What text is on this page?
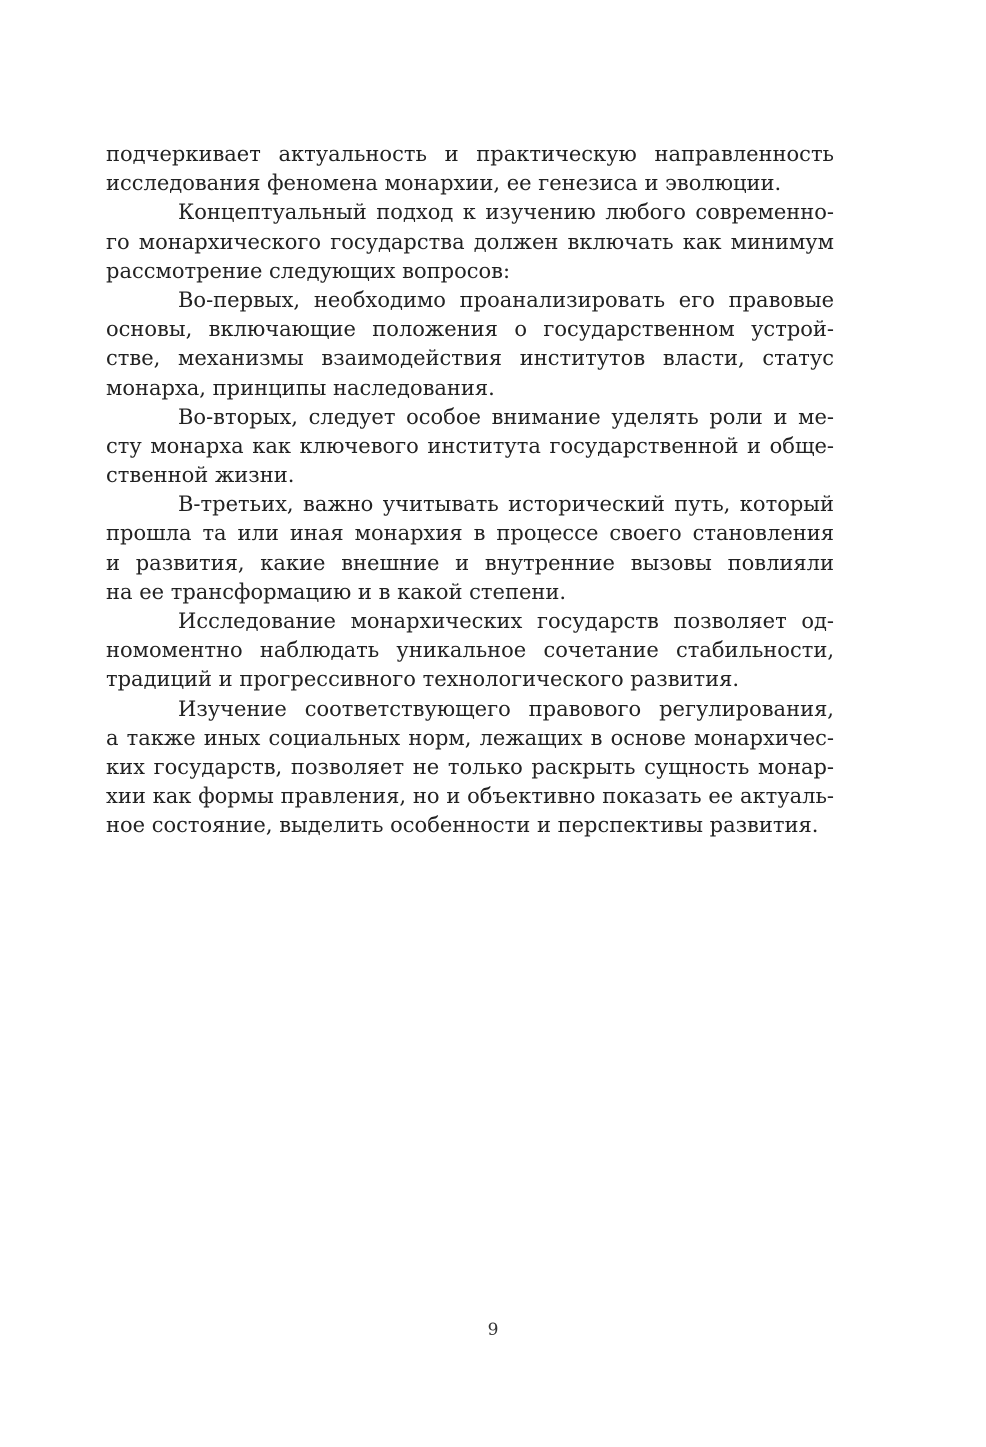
подчеркивает актуальность и практическую направленность
исследования феномена монархии, ее генезиса и эволюции.
Концептуальный подход к изучению любого современно-
го монархического государства должен включать как минимум
рассмотрение следующих вопросов:
Во-первых, необходимо проанализировать его правовые
основы, включающие положения о государственном устрой-
стве, механизмы взаимодействия институтов власти, статус
монарха, принципы наследования.
Во-вторых, следует особое внимание уделять роли и ме-
сту монарха как ключевого института государственной и обще-
ственной жизни.
В-третьих, важно учитывать исторический путь, который
прошла та или иная монархия в процессе своего становления
и развития, какие внешние и внутренние вызовы повлияли
на ее трансформацию и в какой степени.
Исследование монархических государств позволяет од-
номоментно наблюдать уникальное сочетание стабильности,
традиций и прогрессивного технологического развития.
Изучение соответствующего правового регулирования,
а также иных социальных норм, лежащих в основе монархичес-
ких государств, позволяет не только раскрыть сущность монар-
хии как формы правления, но и объективно показать ее актуаль-
ное состояние, выделить особенности и перспективы развития.
9
